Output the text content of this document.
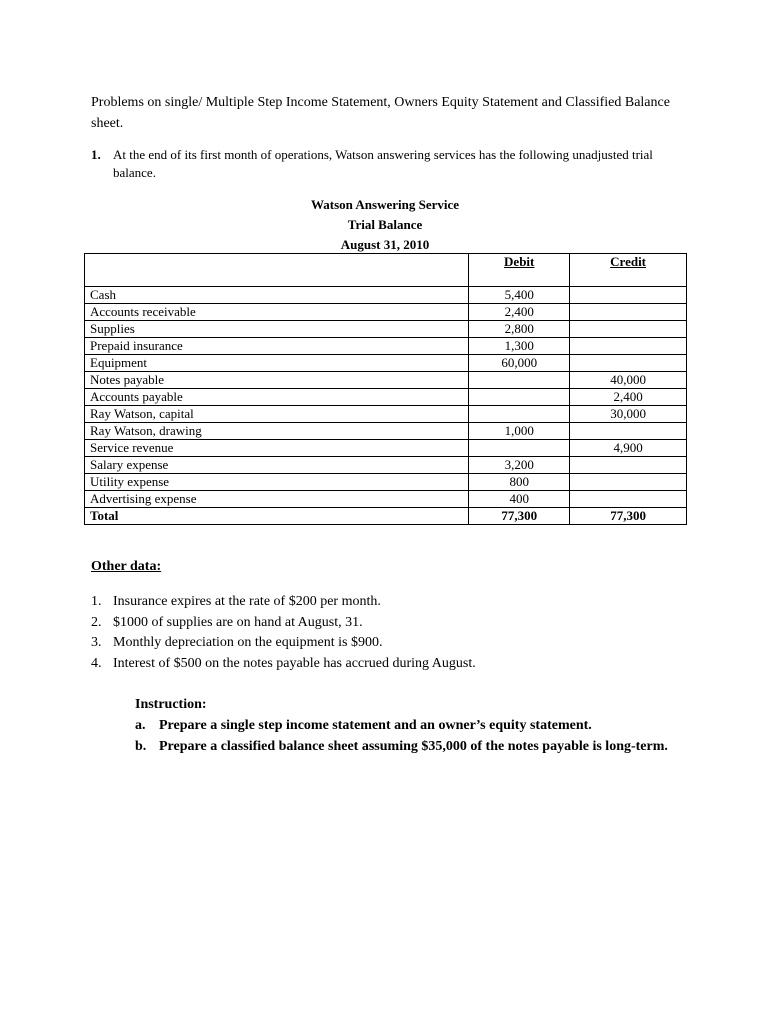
Problems on single/ Multiple Step Income Statement, Owners Equity Statement and Classified Balance sheet.
1. At the end of its first month of operations, Watson answering services has the following unadjusted trial balance.
Watson Answering Service
Trial Balance
August 31, 2010
	Debit	Credit
Cash	5,400	
Accounts receivable	2,400	
Supplies	2,800	
Prepaid insurance	1,300	
Equipment	60,000	
Notes payable		40,000
Accounts payable		2,400
Ray Watson, capital		30,000
Ray Watson, drawing	1,000	
Service revenue		4,900
Salary expense	3,200	
Utility expense	800	
Advertising expense	400	
Total	77,300	77,300
Other data:
1. Insurance expires at the rate of $200 per month.
2. $1000 of supplies are on hand at August, 31.
3. Monthly depreciation on the equipment is $900.
4. Interest of $500 on the notes payable has accrued during August.
Instruction:
a. Prepare a single step income statement and an owner’s equity statement.
b. Prepare a classified balance sheet assuming $35,000 of the notes payable is long-term.
